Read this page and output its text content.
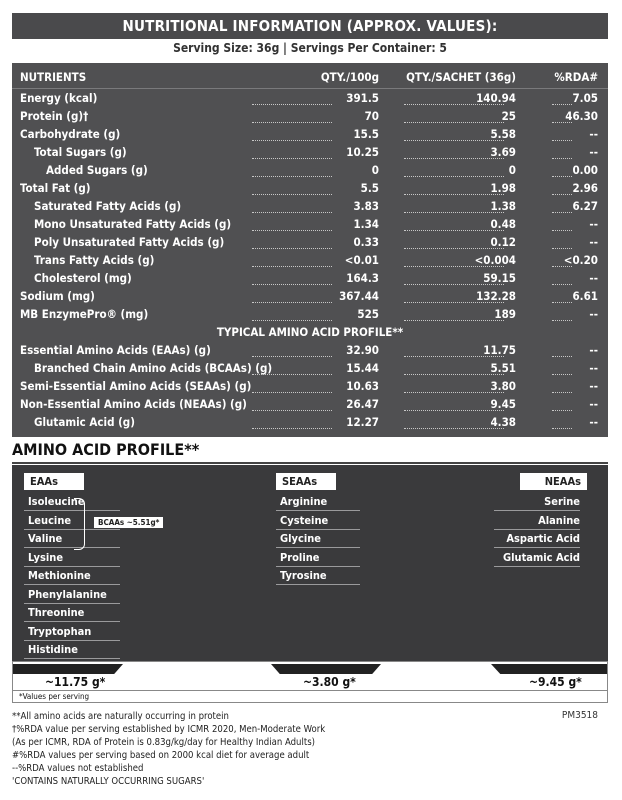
NUTRITIONAL INFORMATION (APPROX. VALUES):
Serving Size: 36g | Servings Per Container: 5
NUTRIENTS	QTY./100g QTY./SACHET (36g)	%RDA#
Energy (kcal)	391.5	140.94	7.05
Protein (g)†	70	25	46.30
Carbohydrate (g)	15.5	5.58	--
Total Sugars (g)	10.25	3.69	--
Added Sugars (g)	0	0	0.00
Total Fat (g)	5.5	1.98	2.96
Saturated Fatty Acids (g)	3.83	1.38	6.27
Mono Unsaturated Fatty Acids (g)	1.34	0.48	--
Poly Unsaturated Fatty Acids (g)	0.33	0.12	--
Trans Fatty Acids (g)	<0.01	<0.004	<0.20
Cholesterol (mg)	164.3	59.15	--
Sodium (mg)	367.44	132.28	6.61
MB EnzymePro® (mg)	525	189	--
TYPICAL AMINO ACID PROFILE**
Essential Amino Acids (EAAs) (g)	32.90	11.75	--
Branched Chain Amino Acids (BCAAs) (g)	15.44	5.51	--
Semi-Essential Amino Acids (SEAAs) (g)	10.63	3.80	--
Non-Essential Amino Acids (NEAAs) (g)	26.47	9.45	--
Glutamic Acid (g)	12.27	4.38	--
AMINO ACID PROFILE**
EAAs	SEAAs	NEAAs
Isoleucine
Leucine
Valine
Lysine
Methionine
Phenylalanine
Threonine
Tryptophan
Histidine
BCAAs ~5.51g*
Arginine
Cysteine
Glycine
Proline
Tyrosine
Serine
Alanine
Aspartic Acid
Glutamic Acid
~11.75 g*	~3.80 g*	~9.45 g*
*Values per serving
**All amino acids are naturally occurring in protein
†%RDA value per serving established by ICMR 2020, Men-Moderate Work
(As per ICMR, RDA of Protein is 0.83g/kg/day for Healthy Indian Adults)
#%RDA values per serving based on 2000 kcal diet for average adult
--%RDA values not established
'CONTAINS NATURALLY OCCURRING SUGARS'
PM3518
